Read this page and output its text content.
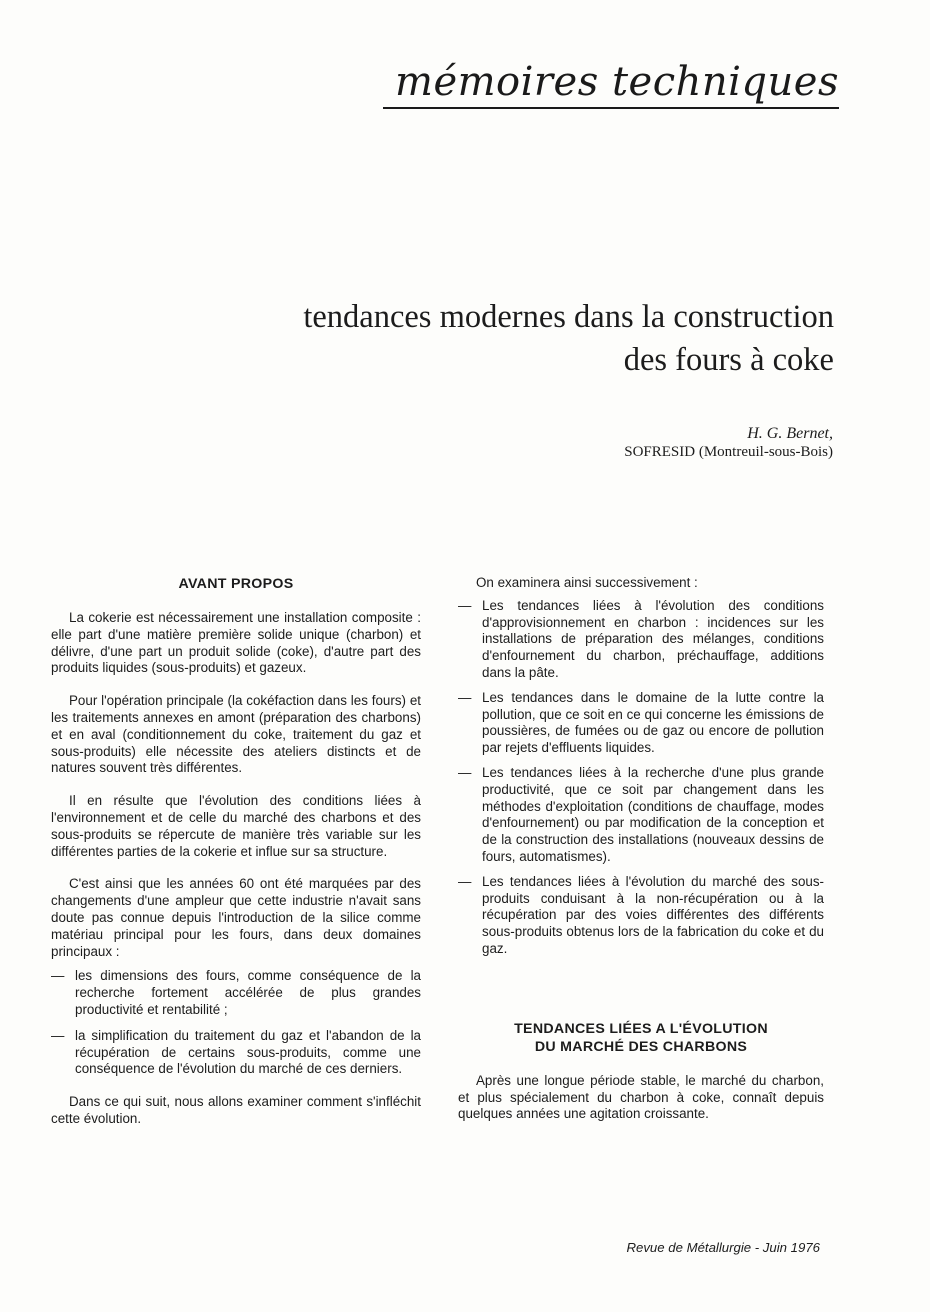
mémoires techniques
tendances modernes dans la construction
des fours à coke
H. G. Bernet,
SOFRESID (Montreuil-sous-Bois)
AVANT PROPOS

La cokerie est nécessairement une installation composite : elle part d'une matière première solide unique (charbon) et délivre, d'une part un produit solide (coke), d'autre part des produits liquides (sous-produits) et gazeux.

Pour l'opération principale (la cokéfaction dans les fours) et les traitements annexes en amont (préparation des charbons) et en aval (conditionnement du coke, traitement du gaz et sous-produits) elle nécessite des ateliers distincts et de natures souvent très différentes.

Il en résulte que l'évolution des conditions liées à l'environnement et de celle du marché des charbons et des sous-produits se répercute de manière très variable sur les différentes parties de la cokerie et influe sur sa structure.

C'est ainsi que les années 60 ont été marquées par des changements d'une ampleur que cette industrie n'avait sans doute pas connue depuis l'introduction de la silice comme matériau principal pour les fours, dans deux domaines principaux :

— les dimensions des fours, comme conséquence de la recherche fortement accélérée de plus grandes productivité et rentabilité ;
— la simplification du traitement du gaz et l'abandon de la récupération de certains sous-produits, comme une conséquence de l'évolution du marché de ces derniers.

Dans ce qui suit, nous allons examiner comment s'infléchit cette évolution.

On examinera ainsi successivement :

— Les tendances liées à l'évolution des conditions d'approvisionnement en charbon : incidences sur les installations de préparation des mélanges, conditions d'enfournement du charbon, préchauffage, additions dans la pâte.
— Les tendances dans le domaine de la lutte contre la pollution, que ce soit en ce qui concerne les émissions de poussières, de fumées ou de gaz ou encore de pollution par rejets d'effluents liquides.
— Les tendances liées à la recherche d'une plus grande productivité, que ce soit par changement dans les méthodes d'exploitation (conditions de chauffage, modes d'enfournement) ou par modification de la conception et de la construction des installations (nouveaux dessins de fours, automatismes).
— Les tendances liées à l'évolution du marché des sous-produits conduisant à la non-récupération ou à la récupération par des voies différentes des différents sous-produits obtenus lors de la fabrication du coke et du gaz.
TENDANCES LIÉES A L'ÉVOLUTION
DU MARCHÉ DES CHARBONS

Après une longue période stable, le marché du charbon, et plus spécialement du charbon à coke, connaît depuis quelques années une agitation croissante.

Revue de Métallurgie - Juin 1976
